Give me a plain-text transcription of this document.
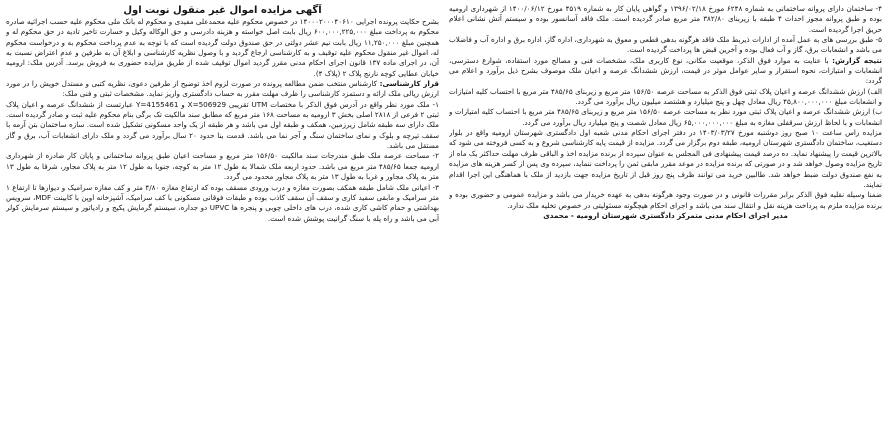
آگهی مزایده اموال غیر منقول نوبت اول

بشرح حکایت پرونده اجرایی ۱۴۰۰۰۲۰۰۰۴۰۶۱۰ در خصوص محکوم علیه محمدعلی مفیدی و محکوم له بانک ملی محکوم علیه حسب اجرائیه صادره محکوم به پرداخت مبلغ ۶۰۰,۰۰۰,۲۲۵,۰۰۰ ریال بابت اصل خواسته و هزینه دادرسی و حق الوکاله وکیل و خسارت تاخیر تادیه در حق محکوم له و همچنین مبلغ ۱۱,۲۵۰,۰۰۰ ریال بابت نیم عشر دولتی در حق صندوق دولت گردیده است که با توجه به عدم پرداخت محکوم به و درخواست محکوم له، اموال غیر منقول محکوم علیه توقیف و به کارشناسی ارجاع گردید و با وصول نظریه کارشناسی و ابلاغ آن به طرفین و عدم اعتراض نسبت به آن، در اجرای ماده ۱۳۷ قانون اجرای احکام مدنی مقرر گردید اموال توقیف شده از طریق مزایده حضوری به فروش برسد. آدرس ملک: ارومیه خیابان عطایی کوچه نارنج پلاک ۲ (پلاک ۴).

قرار کارشناسی: کارشناس منتخب ضمن مطالعه پرونده در صورت لزوم اخذ توضیح از طرفین دعوی، نظریه کتبی و مستدل خویش را در مورد ارزش ریالی ملک ارائه و دستمزد کارشناسی را ظرف مهلت مقرر به حساب دادگستری واریز نماید. مشخصات ثبتی و فنی ملک:

۱- ملک مورد نظر واقع در آدرس فوق الذکر با مختصات UTM تقریبی X=506929 و Y=4155461 عبارتست از ششدانگ عرصه و اعیان پلاک ثبتی ۲ فرعی از ۲۸۱۸ اصلی بخش ۳ ارومیه به مساحت ۱۶۸ متر مربع که مطابق سند مالکیت تک برگی بنام محکوم علیه ثبت و صادر گردیده است. ملک دارای سه طبقه شامل زیرزمین، همکف و طبقه اول می باشد و هر طبقه از یک واحد مسکونی تشکیل شده است. سازه ساختمان بتن آرمه با سقف تیرچه و بلوک و نمای ساختمان سنگ و آجر نما می باشد. قدمت بنا حدود ۲۰ سال برآورد می گردد و ملک دارای انشعابات آب، برق و گاز مستقل می باشد.

۲- مساحت عرصه ملک طبق مندرجات سند مالکیت ۱۵۶/۵۰ متر مربع و مساحت اعیان طبق پروانه ساختمانی و پایان کار صادره از شهرداری ارومیه جمعا ۴۸۵/۶۵ متر مربع می باشد. حدود اربعه ملک شمالا به طول ۱۲ متر به کوچه، جنوبا به طول ۱۲ متر به پلاک مجاور، شرقا به طول ۱۳ متر به پلاک مجاور و غربا به طول ۱۳ متر به پلاک مجاور محدود می گردد.

۳- اعیانی ملک شامل طبقه همکف بصورت مغازه و درب ورودی مسقف بوده که ارتفاع مغازه ۴/۸۰ متر و کف مغازه سرامیک و دیوارها تا ارتفاع ۱ متر سرامیک و مابقی سفید کاری و سقف آن سقف کاذب بوده و طبقات فوقانی مسکونی با کف سرامیک، آشپزخانه اوپن با کابینت MDF، سرویس بهداشتی و حمام کاشی کاری شده، درب های داخلی چوبی و پنجره ها UPVC دو جداره، سیستم گرمایش پکیج و رادیاتور و سیستم سرمایش کولر آبی می باشد و راه پله با سنگ گرانیت پوشش شده است.

۴- ساختمان دارای پروانه ساختمانی به شماره ۶۲۴۸ مورخ ۱۳۹۶/۰۲/۱۸ و گواهی پایان کار به شماره ۴۵۱۹ مورخ ۱۴۰۰/۰۶/۱۲ از شهرداری ارومیه بوده و طبق پروانه مجوز احداث ۴ طبقه با زیربنای ۳۸۲/۸۰ متر مربع صادر گردیده است. ملک فاقد آسانسور بوده و سیستم آتش نشانی اعلام حریق اجرا گردیده است.

۵- طبق بررسی های به عمل آمده از ادارات ذیربط ملک فاقد هرگونه بدهی قطعی و معوق به شهرداری، اداره گاز، اداره برق و اداره آب و فاضلاب می باشد و انشعابات برق، گاز و آب فعال بوده و آخرین قبض ها پرداخت گردیده است.

نتیجه گزارش: با عنایت به موارد فوق الذکر، موقعیت مکانی، نوع کاربری ملک، مشخصات فنی و مصالح مورد استفاده، شوارع دسترسی، انشعابات و امتیازات، نحوه استقرار و سایر عوامل موثر در قیمت، ارزش ششدانگ عرصه و اعیان ملک موصوف بشرح ذیل برآورد و اعلام می گردد:

الف) ارزش ششدانگ عرصه و اعیان پلاک ثبتی فوق الذکر به مساحت عرصه ۱۵۶/۵۰ متر مربع و زیربنای ۴۸۵/۶۵ متر مربع با احتساب کلیه امتیازات و انشعابات مبلغ ۴۵,۸۰۰,۰۰۰,۰۰۰ ریال معادل چهل و پنج میلیارد و هشتصد میلیون ریال برآورد می گردد.

ب) ارزش ششدانگ عرصه و اعیان پلاک ثبتی مورد نظر به مساحت عرصه ۱۵۶/۵۰ متر مربع و زیربنای ۴۸۵/۶۵ متر مربع با احتساب کلیه امتیازات و انشعابات و با لحاظ ارزش سرقفلی مغازه به مبلغ ۶۵,۰۰۰,۰۰۰,۰۰۰ ریال معادل شصت و پنج میلیارد ریال برآورد می گردد.

مزایده راس ساعت ۱۰ صبح روز دوشنبه مورخ ۱۴۰۳/۰۳/۲۷ در دفتر اجرای احکام مدنی شعبه اول دادگستری شهرستان ارومیه واقع در بلوار دستغیب، ساختمان دادگستری شهرستان ارومیه، طبقه دوم برگزار می گردد. مزایده از قیمت پایه کارشناسی شروع و به کسی فروخته می شود که بالاترین قیمت را پیشنهاد نماید. ده درصد قیمت پیشنهادی فی المجلس به عنوان سپرده از برنده مزایده اخذ و الباقی ظرف مهلت حداکثر یک ماه از تاریخ مزایده وصول خواهد شد و در صورتی که برنده مزایده در موعد مقرر مابقی ثمن را پرداخت ننماید، سپرده وی پس از کسر هزینه های مزایده به نفع صندوق دولت ضبط خواهد شد. طالبین خرید می توانند ظرف پنج روز قبل از تاریخ مزایده جهت بازدید از ملک با هماهنگی این اجرا اقدام نمایند.

ضمنا وسیله نقلیه فوق الذکر برابر مقررات قانونی و در صورت وجود هرگونه بدهی به عهده خریدار می باشد و مزایده عمومی و حضوری بوده و برنده مزایده ملزم به پرداخت هزینه نقل و انتقال سند می باشد و اجرای احکام هیچگونه مسئولیتی در خصوص تخلیه ملک ندارد.

مدیر اجرای احکام مدنی متمرکز دادگستری شهرستان ارومیه - محمدی
